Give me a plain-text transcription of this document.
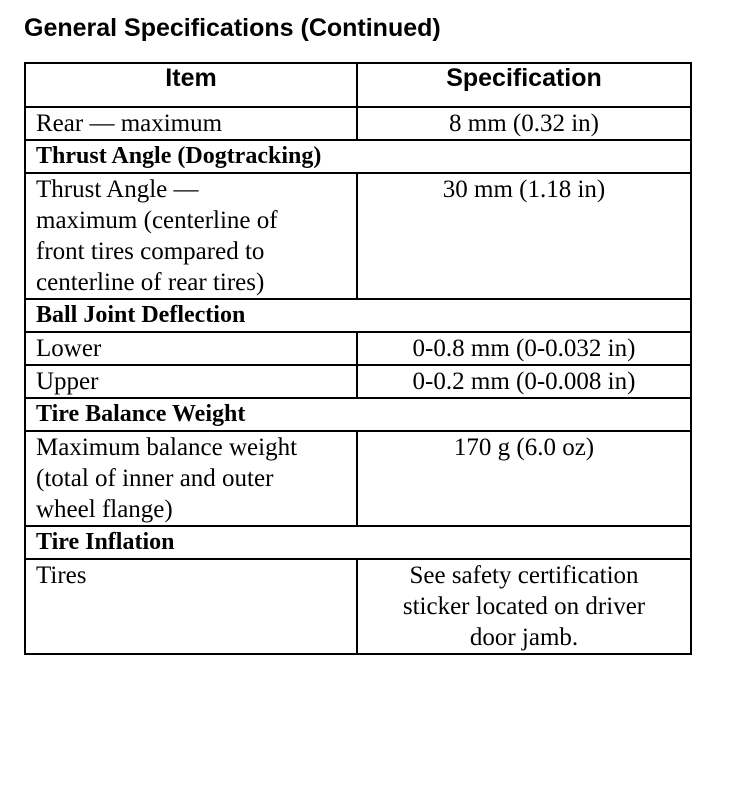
General Specifications (Continued)
Item	Specification
Rear — maximum	8 mm (0.32 in)
Thrust Angle (Dogtracking)	
Thrust Angle —
maximum (centerline of
front tires compared to
centerline of rear tires)	30 mm (1.18 in)
Ball Joint Deflection	
Lower	0-0.8 mm (0-0.032 in)
Upper	0-0.2 mm (0-0.008 in)
Tire Balance Weight	
Maximum balance weight
(total of inner and outer
wheel flange)	170 g (6.0 oz)
Tire Inflation	
Tires	See safety certification
sticker located on driver
door jamb.
